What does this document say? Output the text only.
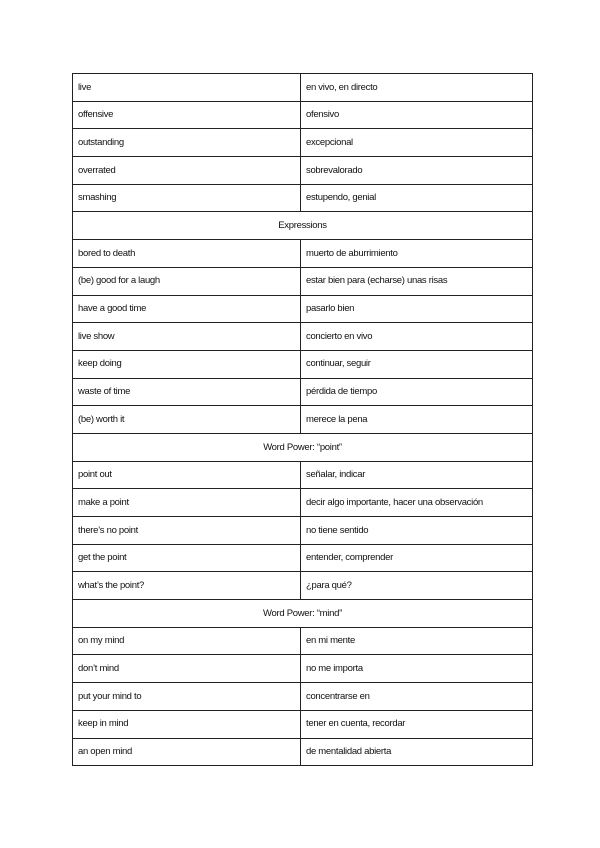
live	en vivo, en directo
offensive	ofensivo
outstanding	excepcional
overrated	sobrevalorado
smashing	estupendo, genial
Expressions	
bored to death	muerto de aburrimiento
(be) good for a laugh	estar bien para (echarse) unas risas
have a good time	pasarlo bien
live show	concierto en vivo
keep doing	continuar, seguir
waste of time	pérdida de tiempo
(be) worth it	merece la pena
Word Power: “point”	
point out	señalar, indicar
make a point	decir algo importante, hacer una observación
there’s no point	no tiene sentido
get the point	entender, comprender
what’s the point?	¿para qué?
Word Power: “mind”	
on my mind	en mi mente
don’t mind	no me importa
put your mind to	concentrarse en
keep in mind	tener en cuenta, recordar
an open mind	de mentalidad abierta
